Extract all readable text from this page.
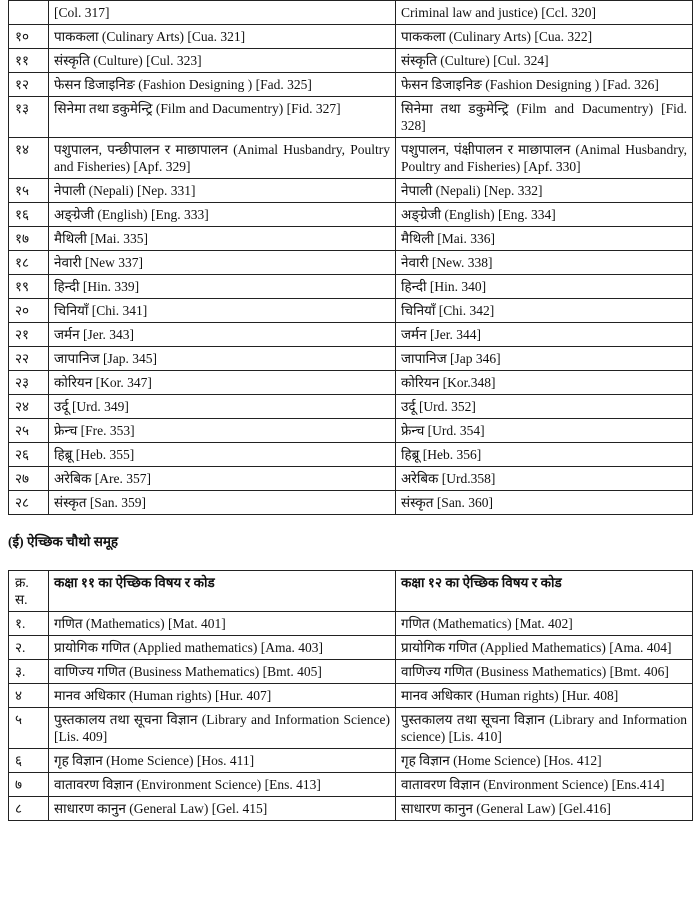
	[Col. 317]	Criminal law and justice) [Ccl. 320]
१०	पाककला (Culinary Arts) [Cua. 321]	पाककला (Culinary Arts) [Cua. 322]
११	संस्कृति (Culture) [Cul. 323]	संस्कृति (Culture) [Cul. 324]
१२	फेसन डिजाइनिङ (Fashion Designing ) [Fad. 325]	फेसन डिजाइनिङ (Fashion Designing ) [Fad. 326]
१३	सिनेमा तथा डकुमेन्ट्रि (Film and Dacumentry) [Fid. 327]	सिनेमा तथा डकुमेन्ट्रि (Film and Dacumentry) [Fid. 328]
१४	पशुपालन, पन्छीपालन र माछापालन (Animal Husbandry, Poultry and Fisheries) [Apf. 329]	पशुपालन, पंक्षीपालन र माछापालन (Animal Husbandry, Poultry and Fisheries) [Apf. 330]
१५	नेपाली (Nepali) [Nep. 331]	नेपाली (Nepali) [Nep. 332]
१६	अङ्ग्रेजी (English) [Eng. 333]	अङ्ग्रेजी (English) [Eng. 334]
१७	मैथिली [Mai. 335]	मैथिली [Mai. 336]
१८	नेवारी [New 337]	नेवारी [New. 338]
१९	हिन्दी [Hin. 339]	हिन्दी [Hin. 340]
२०	चिनियाँ [Chi. 341]	चिनियाँ [Chi. 342]
२१	जर्मन [Jer. 343]	जर्मन [Jer. 344]
२२	जापानिज [Jap. 345]	जापानिज [Jap 346]
२३	कोरियन [Kor. 347]	कोरियन [Kor.348]
२४	उर्दू [Urd. 349]	उर्दू [Urd. 352]
२५	फ्रेन्च [Fre. 353]	फ्रेन्च [Urd. 354]
२६	हिब्रू [Heb. 355]	हिब्रू [Heb. 356]
२७	अरेबिक [Are. 357]	अरेबिक [Urd.358]
२८	संस्कृत [San. 359]	संस्कृत [San. 360]
(ई) ऐच्छिक चौथो समूह
क्र. स.	कक्षा ११ का ऐच्छिक विषय र कोड	कक्षा १२ का ऐच्छिक विषय र कोड
१.	गणित (Mathematics) [Mat. 401]	गणित (Mathematics) [Mat. 402]
२.	प्रायोगिक गणित (Applied mathematics) [Ama. 403]	प्रायोगिक गणित (Applied Mathematics) [Ama. 404]
३.	वाणिज्य गणित (Business Mathematics) [Bmt. 405]	वाणिज्य गणित (Business Mathematics) [Bmt. 406]
४	मानव अधिकार (Human rights) [Hur. 407]	मानव अधिकार (Human rights) [Hur. 408]
५	पुस्तकालय तथा सूचना विज्ञान (Library and Information Science) [Lis. 409]	पुस्तकालय तथा सूचना विज्ञान (Library and Information science) [Lis. 410]
६	गृह विज्ञान (Home Science) [Hos. 411]	गृह विज्ञान (Home Science) [Hos. 412]
७	वातावरण विज्ञान (Environment Science) [Ens. 413]	वातावरण विज्ञान (Environment Science) [Ens.414]
८	साधारण कानुन (General Law) [Gel. 415]	साधारण कानुन (General Law) [Gel.416]
